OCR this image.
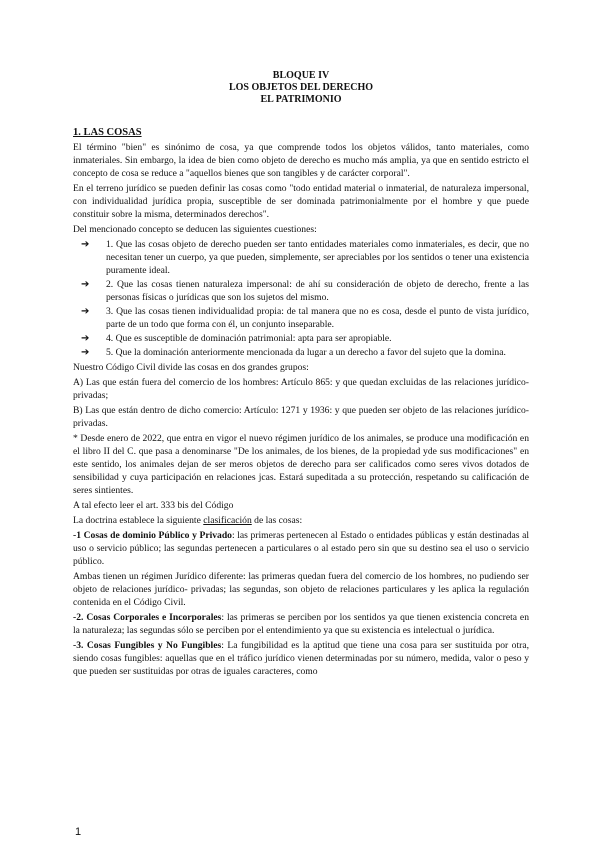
BLOQUE IV
LOS OBJETOS DEL DERECHO
EL PATRIMONIO
1. LAS COSAS

El término "bien" es sinónimo de cosa, ya que comprende todos los objetos válidos, tanto materiales, como inmateriales. Sin embargo, la idea de bien como objeto de derecho es mucho más amplia, ya que en sentido estricto el concepto de cosa se reduce a "aquellos bienes que son tangibles y de carácter corporal".

En el terreno jurídico se pueden definir las cosas como "todo entidad material o inmaterial, de naturaleza impersonal, con individualidad jurídica propia, susceptible de ser dominada patrimonialmente por el hombre y que puede constituir sobre la misma, determinados derechos".

Del mencionado concepto se deducen las siguientes cuestiones:

➔ 1. Que las cosas objeto de derecho pueden ser tanto entidades materiales como inmateriales, es decir, que no necesitan tener un cuerpo, ya que pueden, simplemente, ser apreciables por los sentidos o tener una existencia puramente ideal.
➔ 2. Que las cosas tienen naturaleza impersonal: de ahí su consideración de objeto de derecho, frente a las personas físicas o jurídicas que son los sujetos del mismo.
➔ 3. Que las cosas tienen individualidad propia: de tal manera que no es cosa, desde el punto de vista jurídico, parte de un todo que forma con él, un conjunto inseparable.
➔ 4. Que es susceptible de dominación patrimonial: apta para ser apropiable.
➔ 5. Que la dominación anteriormente mencionada da lugar a un derecho a favor del sujeto que la domina.

Nuestro Código Civil divide las cosas en dos grandes grupos:

A) Las que están fuera del comercio de los hombres: Artículo 865: y que quedan excluidas de las relaciones jurídico- privadas;

B) Las que están dentro de dicho comercio: Artículo: 1271 y 1936: y que pueden ser objeto de las relaciones jurídico-privadas.

* Desde enero de 2022, que entra en vigor el nuevo régimen jurídico de los animales, se produce una modificación en el libro II del C. que pasa a denominarse "De los animales, de los bienes, de la propiedad ydе sus modificaciones" en este sentido, los animales dejan de ser meros objetos de derecho para ser calificados como seres vivos dotados de sensibilidad y cuya participación en relaciones jcas. Estará supeditada a su protección, respetando su calificación de seres sintientes.

A tal efecto leer el art. 333 bis del Código

La doctrina establece la siguiente clasificación de las cosas:

-1 Cosas de dominio Público y Privado: las primeras pertenecen al Estado o entidades públicas y están destinadas al uso o servicio público; las segundas pertenecen a particulares o al estado pero sin que su destino sea el uso o servicio público.

Ambas tienen un régimen Jurídico diferente: las primeras quedan fuera del comercio de los hombres, no pudiendo ser objeto de relaciones jurídico- privadas; las segundas, son objeto de relaciones particulares y les aplica la regulación contenida en el Código Civil.

-2. Cosas Corporales e Incorporales: las primeras se perciben por los sentidos ya que tienen existencia concreta en la naturaleza; las segundas sólo se perciben por el entendimiento ya que su existencia es intelectual o jurídica.

-3. Cosas Fungibles y No Fungibles: La fungibilidad es la aptitud que tiene una cosa para ser sustituida por otra, siendo cosas fungibles: aquellas que en el tráfico jurídico vienen determinadas por su número, medida, valor o peso y que pueden ser sustituidas por otras de iguales caracteres, como

1
